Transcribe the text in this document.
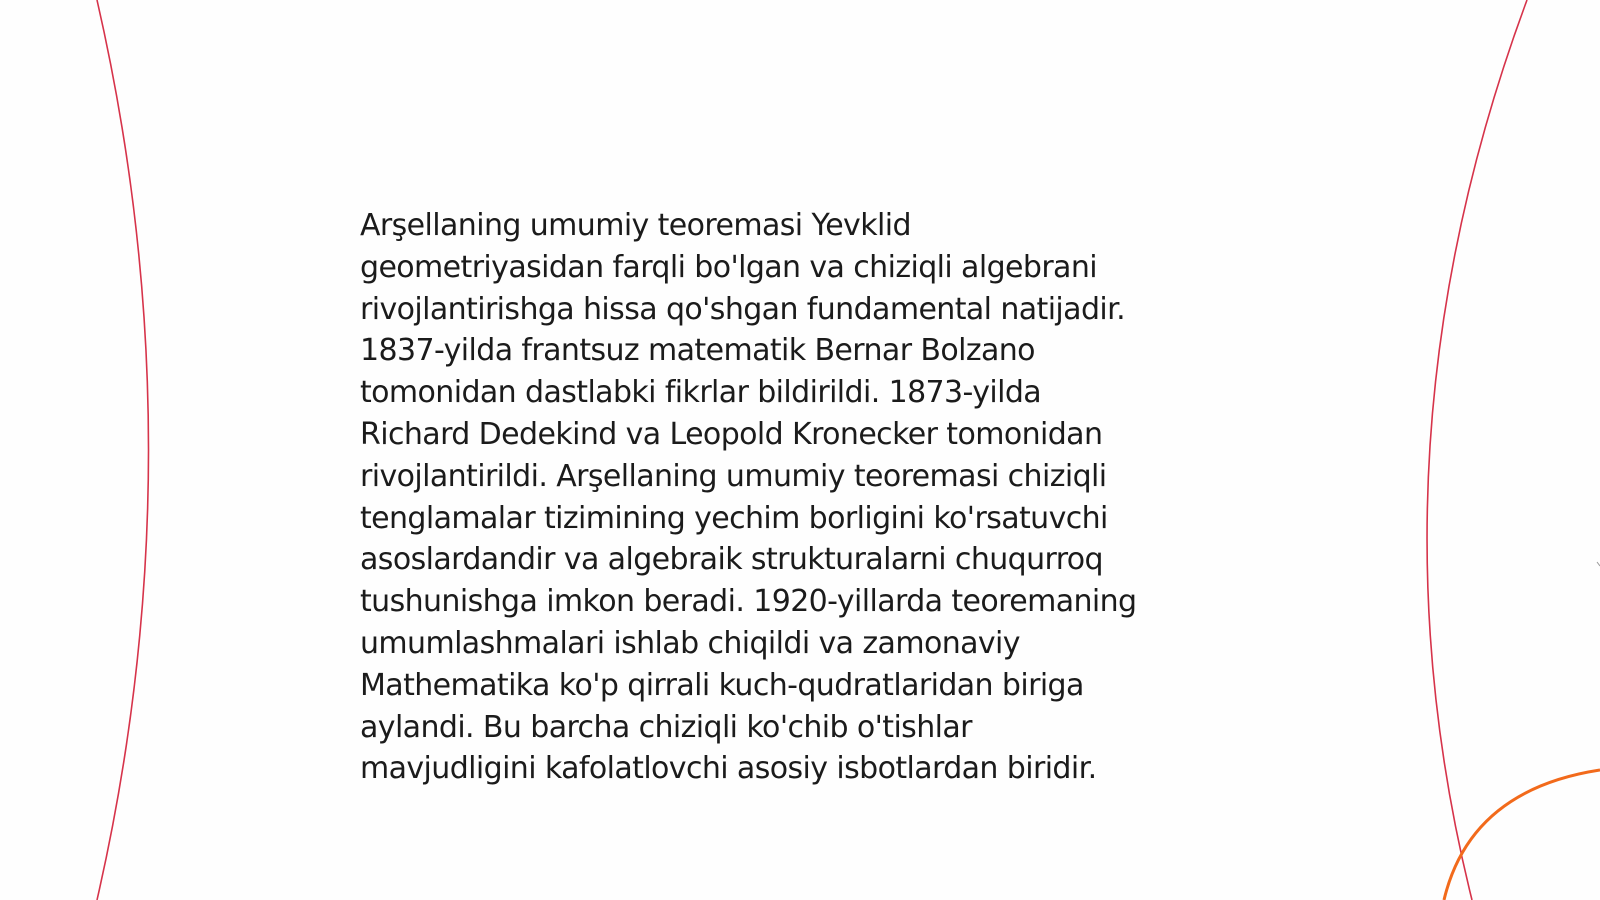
Arşellaning umumiy teoremasi Yevklid
geometriyasidan farqli bo'lgan va chiziqli algebrani
rivojlantirishga hissa qo'shgan fundamental natijadir.
1837-yilda frantsuz matematik Bernar Bolzano
tomonidan dastlabki fikrlar bildirildi. 1873-yilda
Richard Dedekind va Leopold Kronecker tomonidan
rivojlantirildi. Arşellaning umumiy teoremasi chiziqli
tenglamalar tizimining yechim borligini ko'rsatuvchi
asoslardandir va algebraik strukturalarni chuqurroq
tushunishga imkon beradi. 1920-yillarda teoremaning
umumlashmalari ishlab chiqildi va zamonaviy
Mathematika ko'p qirrali kuch-qudratlaridan biriga
aylandi. Bu barcha chiziqli ko'chib o'tishlar
mavjudligini kafolatlovchi asosiy isbotlardan biridir.
